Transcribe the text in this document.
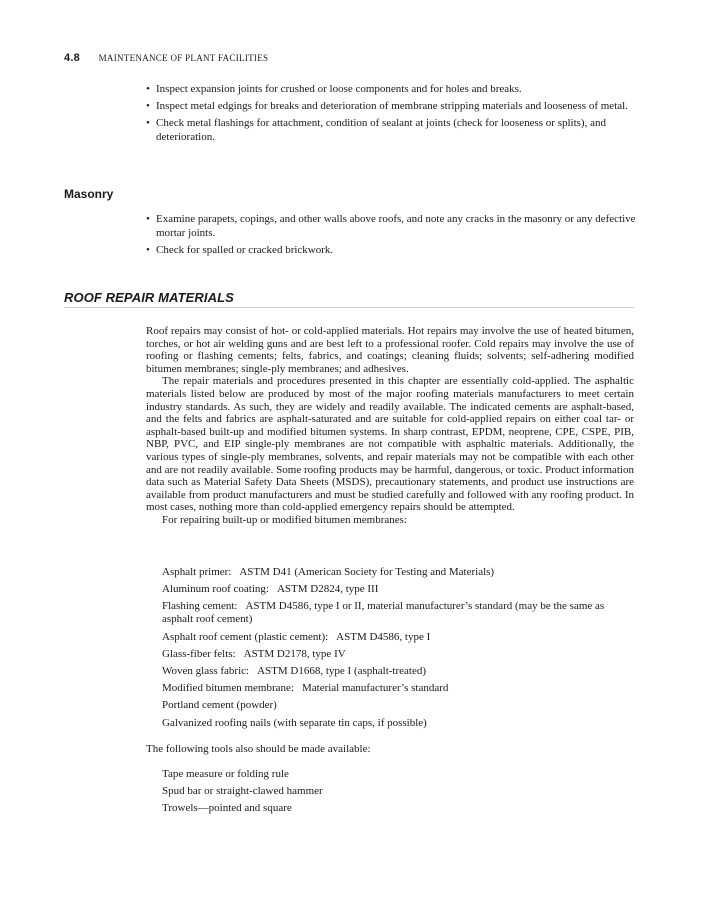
4.8 MAINTENANCE OF PLANT FACILITIES
• Inspect expansion joints for crushed or loose components and for holes and breaks.
• Inspect metal edgings for breaks and deterioration of membrane stripping materials and looseness of metal.
• Check metal flashings for attachment, condition of sealant at joints (check for looseness or splits), and deterioration.
Masonry
• Examine parapets, copings, and other walls above roofs, and note any cracks in the masonry or any defective mortar joints.
• Check for spalled or cracked brickwork.
ROOF REPAIR MATERIALS

Roof repairs may consist of hot- or cold-applied materials. Hot repairs may involve the use of heated bitumen, torches, or hot air welding guns and are best left to a professional roofer. Cold repairs may involve the use of roofing or flashing cements; felts, fabrics, and coatings; cleaning fluids; solvents; self-adhering modified bitumen membranes; single-ply membranes; and adhesives.

The repair materials and procedures presented in this chapter are essentially cold-applied. The asphaltic materials listed below are produced by most of the major roofing materials manufacturers to meet certain industry standards. As such, they are widely and readily available. The indicated cements are asphalt-based, and the felts and fabrics are asphalt-saturated and are suitable for cold-applied repairs on either coal tar- or asphalt-based built-up and modified bitumen systems. In sharp contrast, EPDM, neoprene, CPE, CSPE, PIB, NBP, PVC, and EIP single-ply membranes are not compatible with asphaltic materials. Additionally, the various types of single-ply membranes, solvents, and repair materials may not be compatible with each other and are not readily available. Some roofing products may be harmful, dangerous, or toxic. Product information data such as Material Safety Data Sheets (MSDS), precautionary statements, and product use instructions are available from product manufacturers and must be studied carefully and followed with any roofing product. In most cases, nothing more than cold-applied emergency repairs should be attempted.

For repairing built-up or modified bitumen membranes:

Asphalt primer: ASTM D41 (American Society for Testing and Materials)
Aluminum roof coating: ASTM D2824, type III
Flashing cement: ASTM D4586, type I or II, material manufacturer’s standard (may be the same as asphalt roof cement)
Asphalt roof cement (plastic cement): ASTM D4586, type I
Glass-fiber felts: ASTM D2178, type IV
Woven glass fabric: ASTM D1668, type I (asphalt-treated)
Modified bitumen membrane: Material manufacturer’s standard
Portland cement (powder)
Galvanized roofing nails (with separate tin caps, if possible)
The following tools also should be made available:
Tape measure or folding rule
Spud bar or straight-clawed hammer
Trowels—pointed and square
